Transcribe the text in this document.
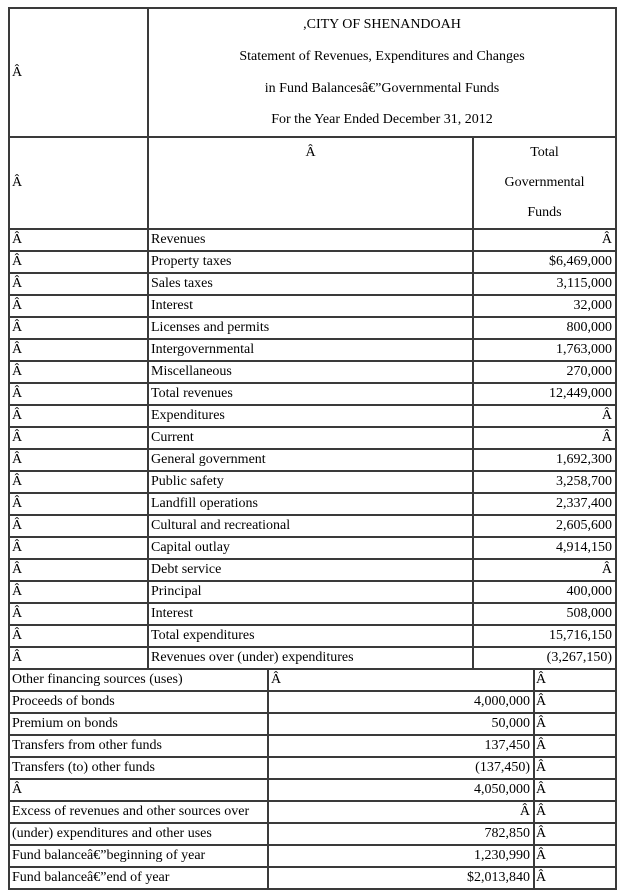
Â	,CITY OF SHENANDOAH
Statement of Revenues, Expenditures and Changes
in Fund Balancesâ€”Governmental Funds
For the Year Ended December 31, 2012	

Â	Â	Total
Governmental
Funds

Â	Revenues	Â
Â	Property taxes	$6,469,000
Â	Sales taxes	3,115,000
Â	Interest	32,000
Â	Licenses and permits	800,000
Â	Intergovernmental	1,763,000
Â	Miscellaneous	270,000
Â	Total revenues	12,449,000
Â	Expenditures	Â
Â	Current	Â
Â	General government	1,692,300
Â	Public safety	3,258,700
Â	Landfill operations	2,337,400
Â	Cultural and recreational	2,605,600
Â	Capital outlay	4,914,150
Â	Debt service	Â
Â	Principal	400,000
Â	Interest	508,000
Â	Total expenditures	15,716,150
Â	Revenues over (under) expenditures	(3,267,150)
Other financing sources (uses)	Â	Â
Proceeds of bonds	4,000,000	Â
Premium on bonds	50,000	Â
Transfers from other funds	137,450	Â
Transfers (to) other funds	(137,450)	Â
Â	4,050,000	Â
Excess of revenues and other sources over	Â	Â
(under) expenditures and other uses	782,850	Â
Fund balanceâ€”beginning of year	1,230,990	Â
Fund balanceâ€”end of year	$2,013,840	Â
